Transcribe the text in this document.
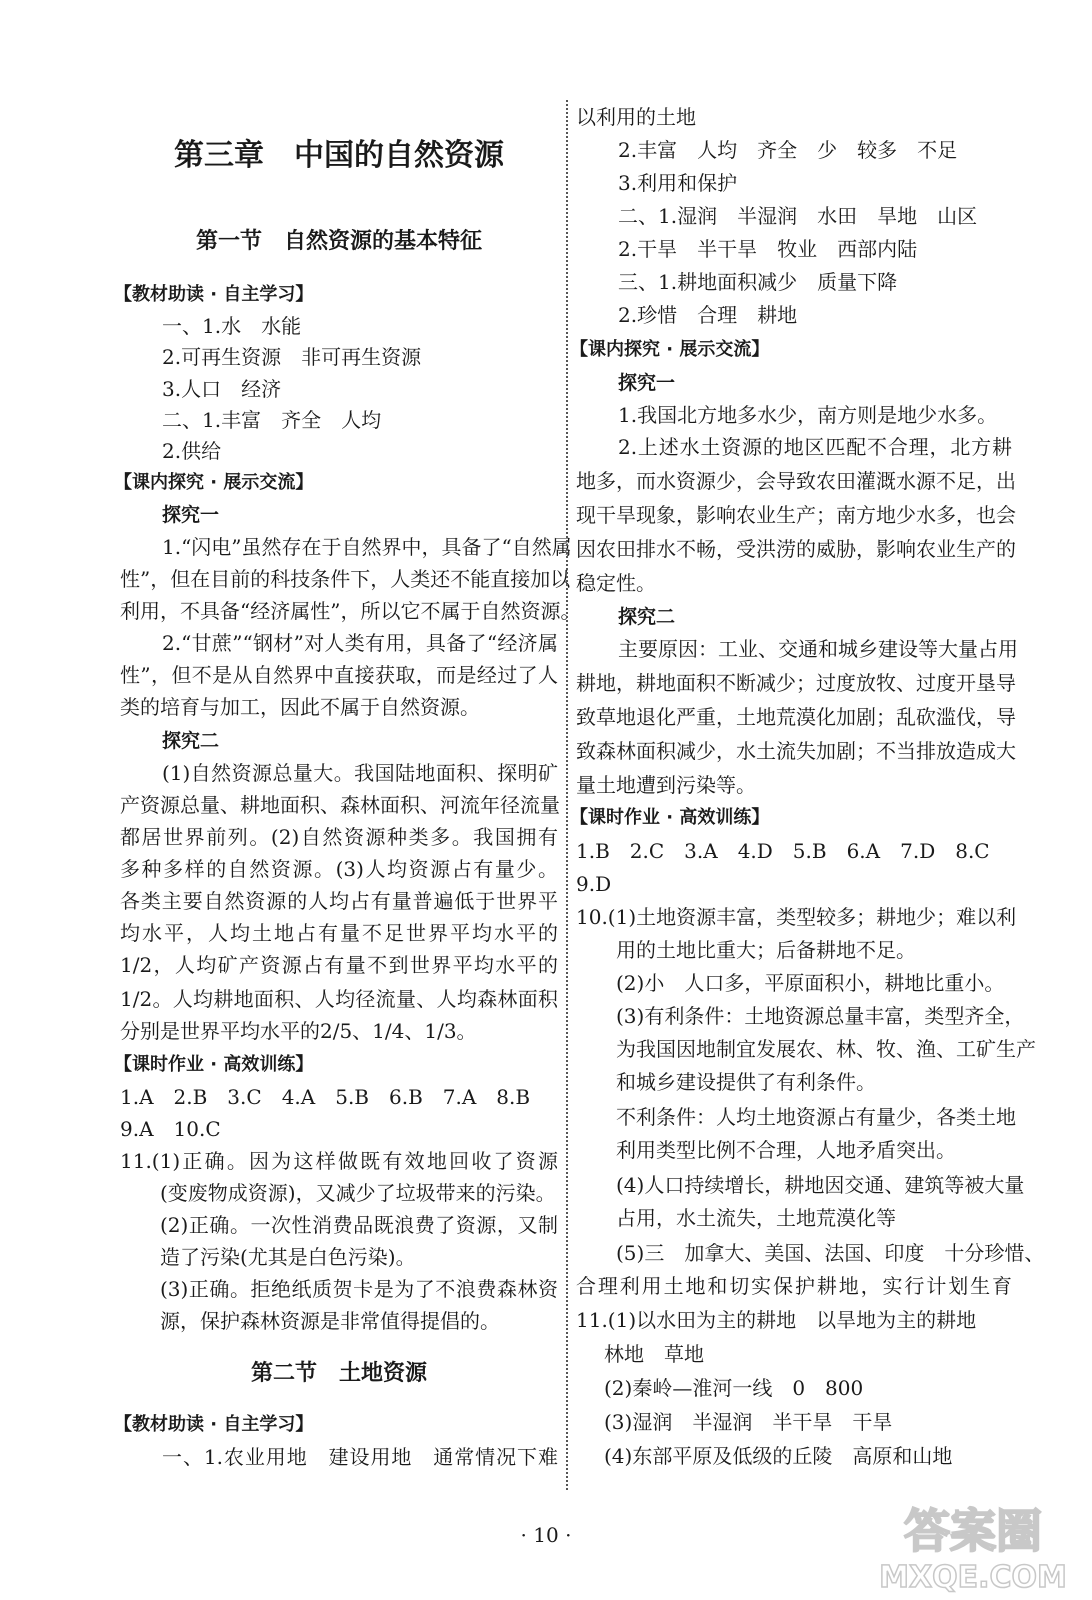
第三章　中国的自然资源
第一节　自然资源的基本特征
【教材助读 · 自主学习】
一、1.水　水能
2.可再生资源　非可再生资源
3.人口　经济
二、1.丰富　齐全　人均
2.供给
【课内探究 · 展示交流】
探究一
1.“闪电”虽然存在于自然界中，具备了“自然属
性”，但在目前的科技条件下，人类还不能直接加以
利用，不具备“经济属性”，所以它不属于自然资源。
2.“甘蔗”“钢材”对人类有用，具备了“经济属
性”，但不是从自然界中直接获取，而是经过了人
类的培育与加工，因此不属于自然资源。
探究二
(1)自然资源总量大。我国陆地面积、探明矿
产资源总量、耕地面积、森林面积、河流年径流量
都居世界前列。(2)自然资源种类多。我国拥有
多种多样的自然资源。(3)人均资源占有量少。
各类主要自然资源的人均占有量普遍低于世界平
均水平，人均土地占有量不足世界平均水平的
1/2，人均矿产资源占有量不到世界平均水平的
1/2。人均耕地面积、人均径流量、人均森林面积
分别是世界平均水平的2/5、1/4、1/3。
【课时作业 · 高效训练】
1.A　2.B　3.C　4.A　5.B　6.B　7.A　8.B
9.A　10.C
11.(1)正确。因为这样做既有效地回收了资源
(变废物成资源)，又减少了垃圾带来的污染。
(2)正确。一次性消费品既浪费了资源，又制
造了污染(尤其是白色污染)。
(3)正确。拒绝纸质贺卡是为了不浪费森林资
源，保护森林资源是非常值得提倡的。
第二节　土地资源
【教材助读 · 自主学习】
一、1.农业用地　建设用地　通常情况下难
以利用的土地
2.丰富　人均　齐全　少　较多　不足
3.利用和保护
二、1.湿润　半湿润　水田　旱地　山区
2.干旱　半干旱　牧业　西部内陆
三、1.耕地面积减少　质量下降
2.珍惜　合理　耕地
【课内探究 · 展示交流】
探究一
1.我国北方地多水少，南方则是地少水多。
2.上述水土资源的地区匹配不合理，北方耕
地多，而水资源少，会导致农田灌溉水源不足，出
现干旱现象，影响农业生产；南方地少水多，也会
因农田排水不畅，受洪涝的威胁，影响农业生产的
稳定性。
探究二
主要原因：工业、交通和城乡建设等大量占用
耕地，耕地面积不断减少；过度放牧、过度开垦导
致草地退化严重，土地荒漠化加剧；乱砍滥伐，导
致森林面积减少，水土流失加剧；不当排放造成大
量土地遭到污染等。
【课时作业 · 高效训练】
1.B　2.C　3.A　4.D　5.B　6.A　7.D　8.C
9.D
10.(1)土地资源丰富，类型较多；耕地少；难以利
用的土地比重大；后备耕地不足。
(2)小　人口多，平原面积小，耕地比重小。
(3)有利条件：土地资源总量丰富，类型齐全，
为我国因地制宜发展农、林、牧、渔、工矿生产
和城乡建设提供了有利条件。
不利条件：人均土地资源占有量少，各类土地
利用类型比例不合理，人地矛盾突出。
(4)人口持续增长，耕地因交通、建筑等被大量
占用，水土流失，土地荒漠化等
(5)三　加拿大、美国、法国、印度　十分珍惜、
合理利用土地和切实保护耕地，实行计划生育
11.(1)以水田为主的耕地　以旱地为主的耕地
林地　草地
(2)秦岭—淮河一线　0　800
(3)湿润　半湿润　半干旱　干旱
(4)东部平原及低级的丘陵　高原和山地
· 10 ·	答案圈
MXQE.COM
